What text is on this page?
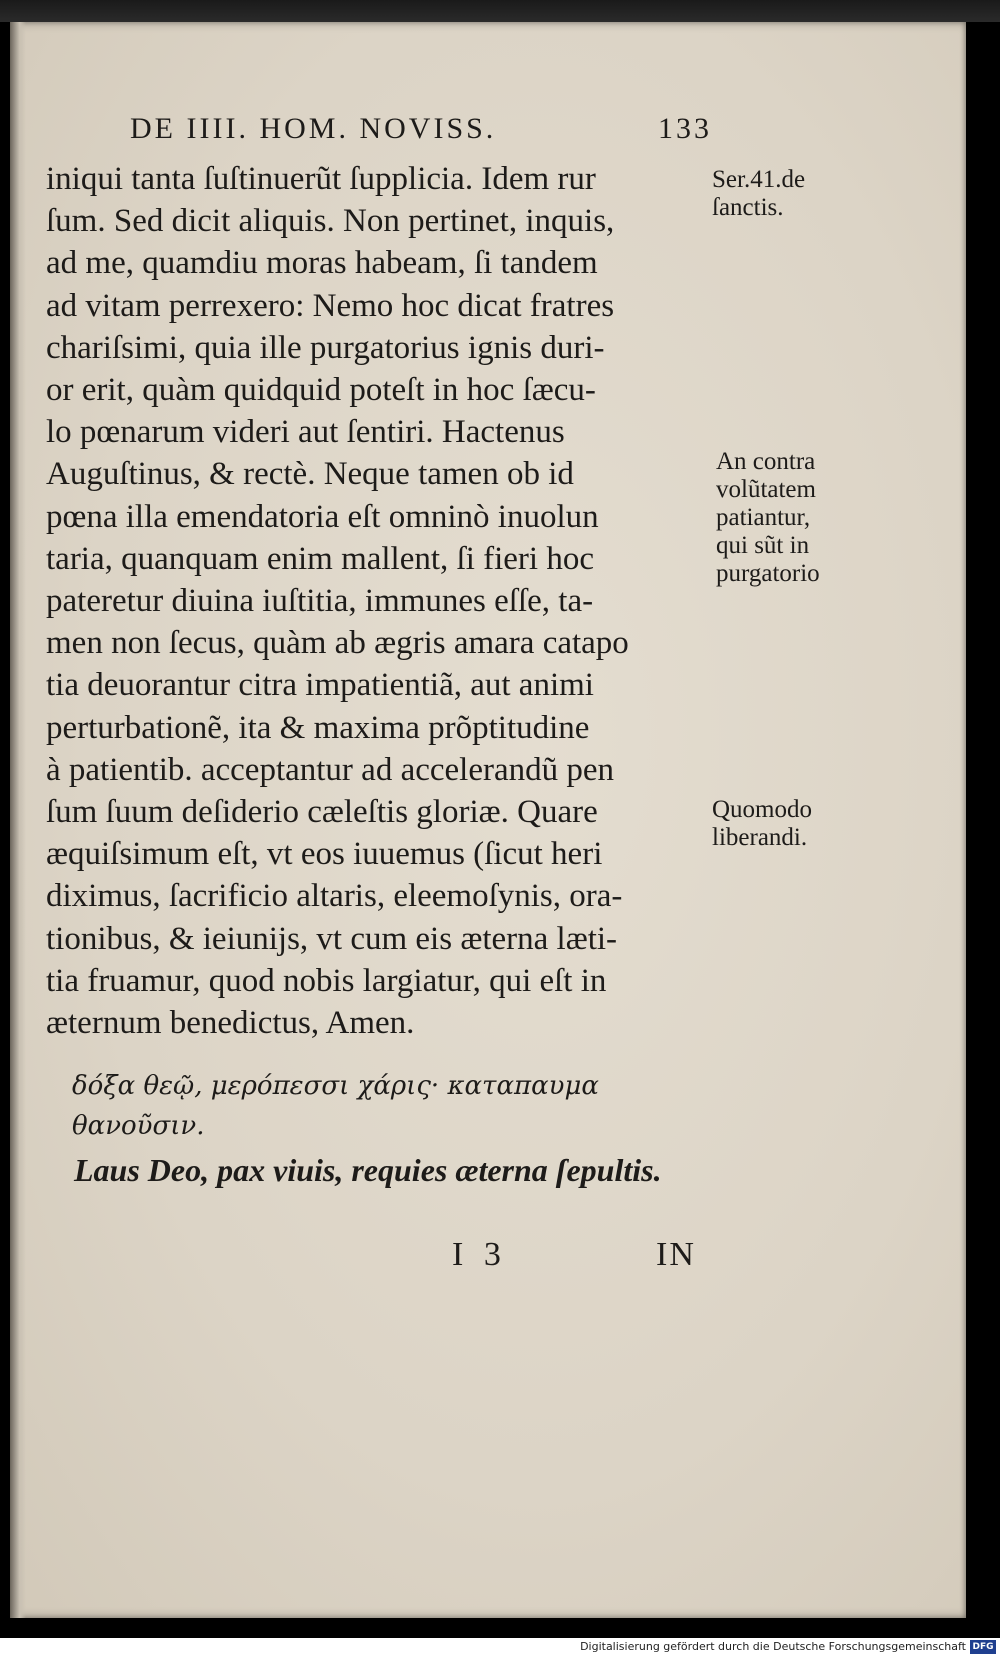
DE IIII. HOM. NOVISS.	133
iniqui tanta ſuſtinuerũt ſupplicia. Idem rur
ſum. Sed dicit aliquis. Non pertinet, inquis,
ad me, quamdiu moras habeam, ſi tandem
ad vitam perrexero: Nemo hoc dicat fratres
chariſsimi, quia ille purgatorius ignis duri-
or erit, quàm quidquid poteſt in hoc ſæcu-
lo pœnarum videri aut ſentiri. Hactenus
Auguſtinus, & rectè. Neque tamen ob id
pœna illa emendatoria eſt omninò inuolun
taria, quanquam enim mallent, ſi fieri hoc
pateretur diuina iuſtitia, immunes eſſe, ta-
men non ſecus, quàm ab ægris amara catapo
tia deuorantur citra impatientiã, aut animi
perturbationẽ, ita & maxima prõptitudine
à patientib. acceptantur ad accelerandũ pen
ſum ſuum deſiderio cæleſtis gloriæ. Quare
æquiſsimum eſt, vt eos iuuemus (ſicut heri
diximus, ſacrificio altaris, eleemoſynis, ora-
tionibus, & ieiunijs, vt cum eis æterna læti-
tia fruamur, quod nobis largiatur, qui eſt in
æternum benedictus, Amen.
Ser.41.de
ſanctis.
An contra
volũtatem
patiantur,
qui sũt in
purgatorio
Quomodo
liberandi.
δόξα θεῷ, μερόπεσσι χάρις· καταπαυμα
θανοῦσιν.
Laus Deo, pax viuis, requies æterna ſepultis.
I 3	IN
Digitalisierung gefördert durch die Deutsche Forschungsgemeinschaft DFG
